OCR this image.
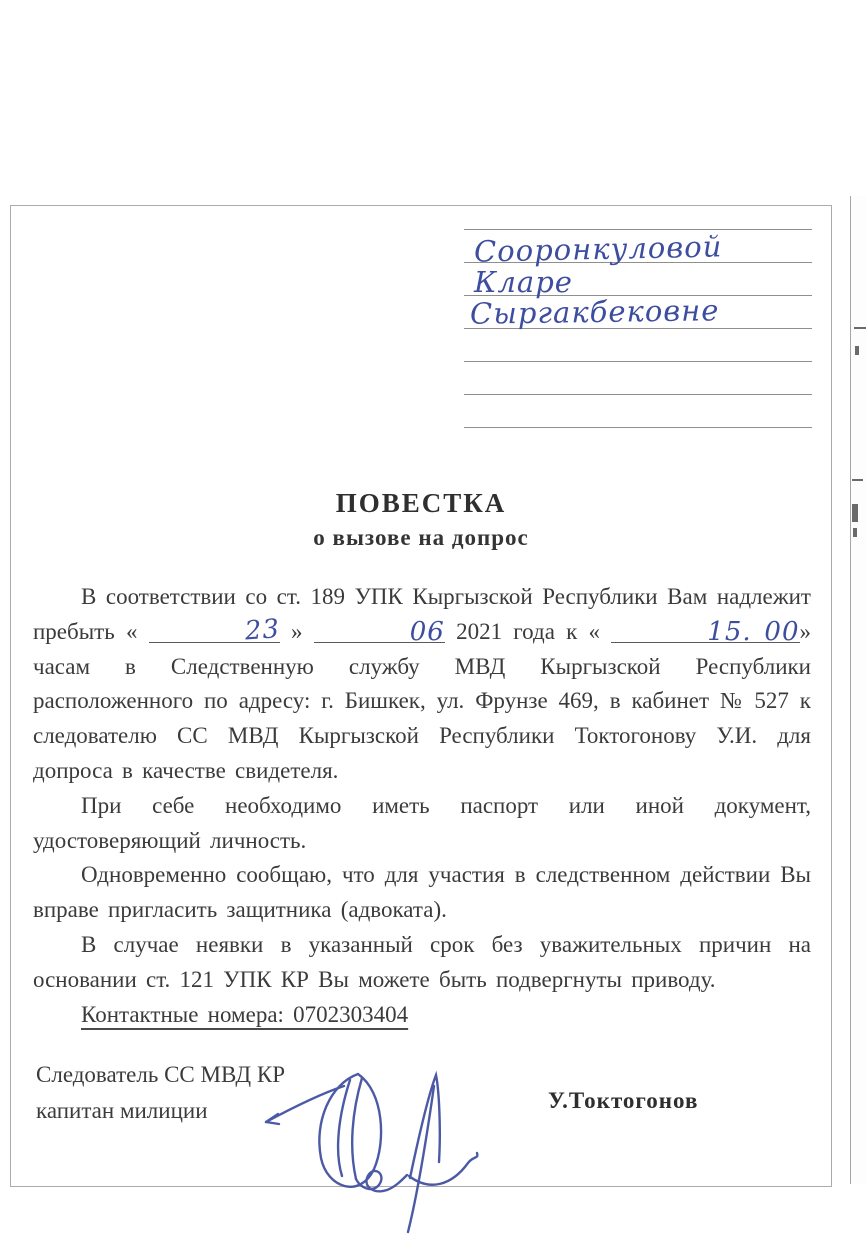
Сооронкуловой
Кларе
Сыргакбековне
ПОВЕСТКА
о вызове на допрос

В соответствии со ст. 189 УПК Кыргызской Республики Вам надлежит пребыть «	23 »	06 2021 года к «	15. 00» часам в Следственную службу МВД Кыргызской Республики расположенного по адресу: г. Бишкек, ул. Фрунзе 469, в кабинет № 527 к следователю СС МВД Кыргызской Республики Токтогонову У.И. для допроса в качестве свидетеля.

При себе необходимо иметь паспорт или иной документ, удостоверяющий личность.

Одновременно сообщаю, что для участия в следственном действии Вы вправе пригласить защитника (адвоката).

В случае неявки в указанный срок без уважительных причин на основании ст. 121 УПК КР Вы можете быть подвергнуты приводу.

Контактные номера: 0702303404

Следователь СС МВД КР
капитан милиции	У.Токтогонов
